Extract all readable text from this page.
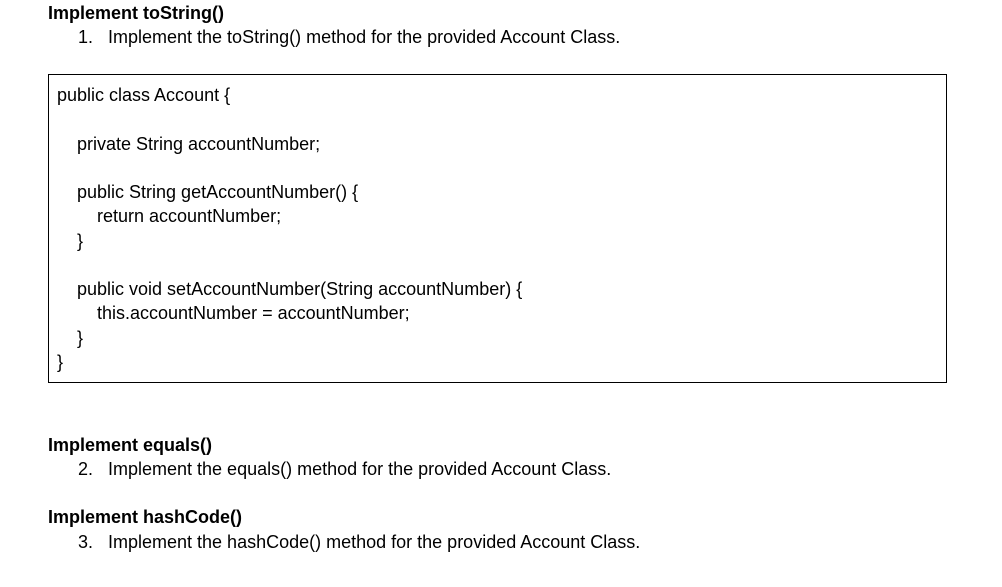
Implement toString()
1. Implement the toString() method for the provided Account Class.
public class Account {
private String accountNumber;
public String getAccountNumber() {
return accountNumber;
}
public void setAccountNumber(String accountNumber) {
this.accountNumber = accountNumber;
}
}
Implement equals()
2. Implement the equals() method for the provided Account Class.
Implement hashCode()
3. Implement the hashCode() method for the provided Account Class.
